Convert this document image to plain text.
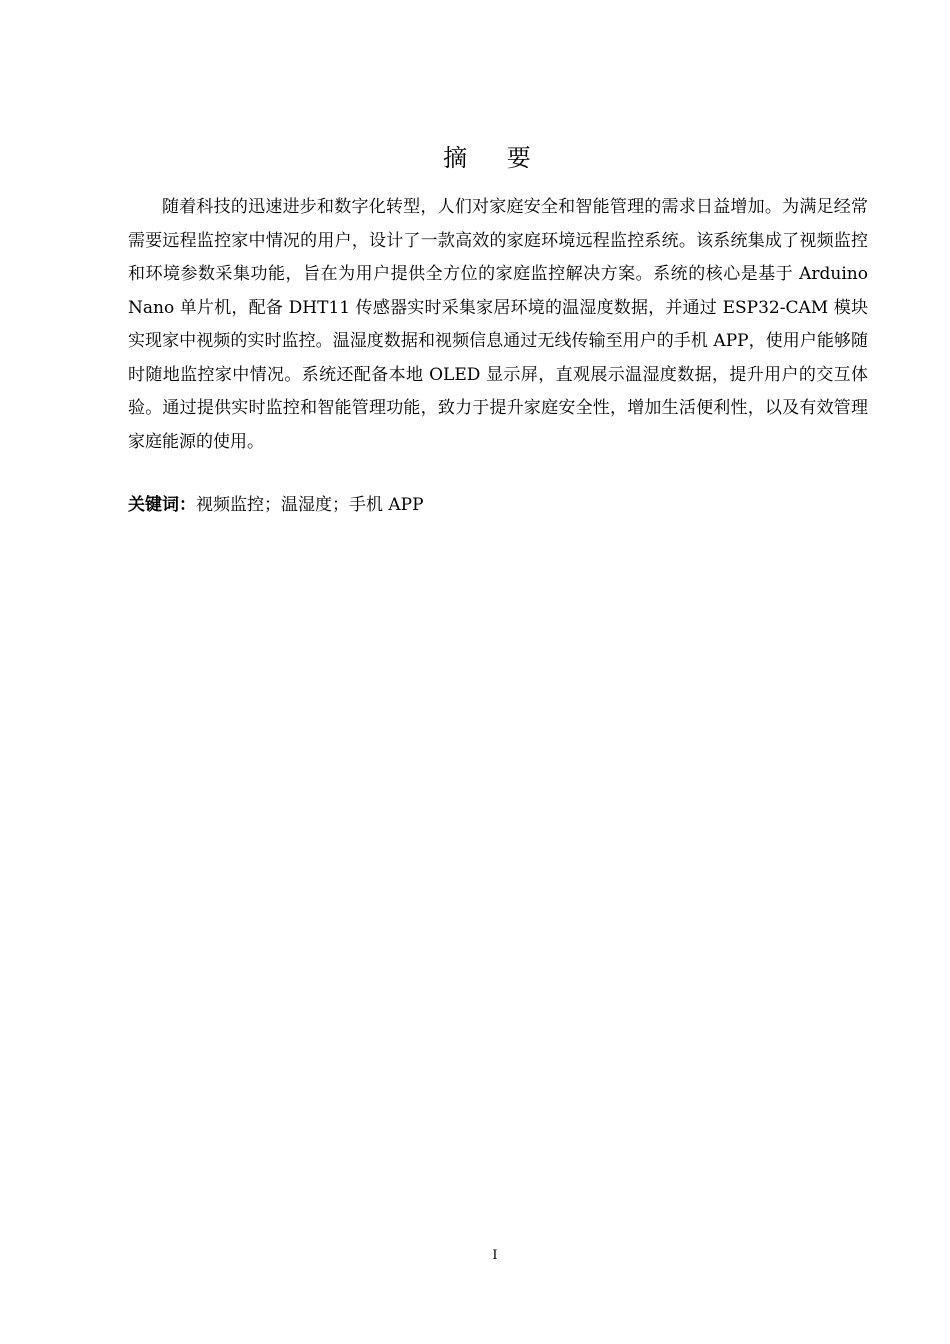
摘 要

随着科技的迅速进步和数字化转型，人们对家庭安全和智能管理的需求日益增加。为满足经常需要远程监控家中情况的用户，设计了一款高效的家庭环境远程监控系统。该系统集成了视频监控和环境参数采集功能，旨在为用户提供全方位的家庭监控解决方案。系统的核心是基于 Arduino Nano 单片机，配备 DHT11 传感器实时采集家居环境的温湿度数据，并通过 ESP32-CAM 模块实现家中视频的实时监控。温湿度数据和视频信息通过无线传输至用户的手机 APP，使用户能够随时随地监控家中情况。系统还配备本地 OLED 显示屏，直观展示温湿度数据，提升用户的交互体验。通过提供实时监控和智能管理功能，致力于提升家庭安全性，增加生活便利性，以及有效管理家庭能源的使用。

关键词：视频监控；温湿度；手机 APP
I
